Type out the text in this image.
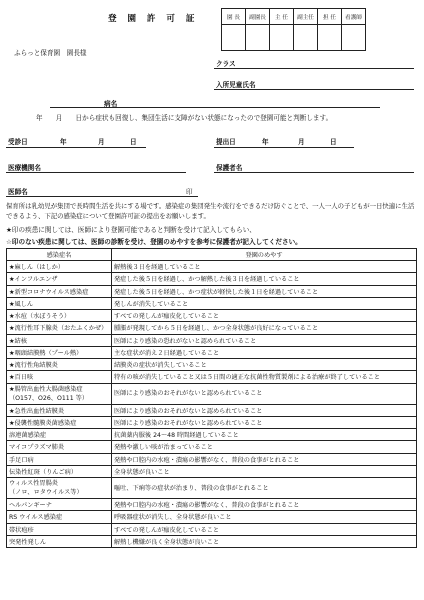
登 園 許 可 証	園 長	副園長	主 任	副主任	担 任	看護師

ふらっと保育園　園長様
クラス
入所児童氏名
病名
年　　月　　日から症状も回復し、集団生活に支障がない状態になったので登園可能と判断します。
受診日	年	月	日	提出日	年	月	日
医療機関名	保護者名
医師名	印
保育所は乳幼児が集団で長時間生活を共にする場です。感染症の集団発生や流行をできるだけ防ぐことで、一人一人の子どもが一日快適に生活できるよう、下記の感染症について登園許可証の提出をお願いします。
★印の疾患に関しては、医師により登園可能であると判断を受けて記入してもらい、
☆印のない疾患に関しては、医師の診断を受け、登園のめやすを参考に保護者が記入してください。
感染症名	登園のめやす
★麻しん（はしか）	解熱後３日を経過していること
★インフルエンザ	発症した後５日を経過し、かつ解熱した後３日を経過していること
★新型コロナウイルス感染症	発症した後５日を経過し、かつ症状が軽快した後１日を経過していること
★風しん	発しんが消失していること
★水痘（水ぼうそう）	すべての発しんが痂皮化していること
★流行性耳下腺炎（おたふくかぜ）	腫脹が発現してから５日を経過し、かつ全身状態が良好になっていること
★結核	医師により感染の恐れがないと認められていること
★咽頭結膜熱（プール熱）	主な症状が消え２日経過していること
★流行性角結膜炎	結膜炎の症状が消失していること
★百日咳	特有の咳が消失していること又は５日間の適正な抗菌性物質製剤による治療が終了していること
★腸管出血性大腸菌感染症
（O157、O26、O111 等）	医師により感染のおそれがないと認められていること
★急性出血性結膜炎	医師により感染のおそれがないと認められていること
★侵襲性髄膜炎菌感染症	医師により感染のおそれがないと認められていること
溶連菌感染症	抗菌薬内服後 24～48 時間経過していること
マイコプラズマ肺炎	発熱や激しい咳が治まっていること
手足口病	発熱や口腔内の水疱・潰瘍の影響がなく、普段の食事がとれること
伝染性紅斑（りんご病）	全身状態が良いこと
ウィルス性胃腸炎
（ノロ、ロタウイルス等）	嘔吐、下痢等の症状が治まり、普段の食事がとれること
ヘルパンギーナ	発熱や口腔内の水疱・潰瘍の影響がなく、普段の食事がとれること
RS ウイルス感染症	呼吸器症状が消失し、全身状態が良いこと
帯状疱疹	すべての発しんが痂皮化していること
突発性発しん	解熱し機嫌が良く全身状態が良いこと
